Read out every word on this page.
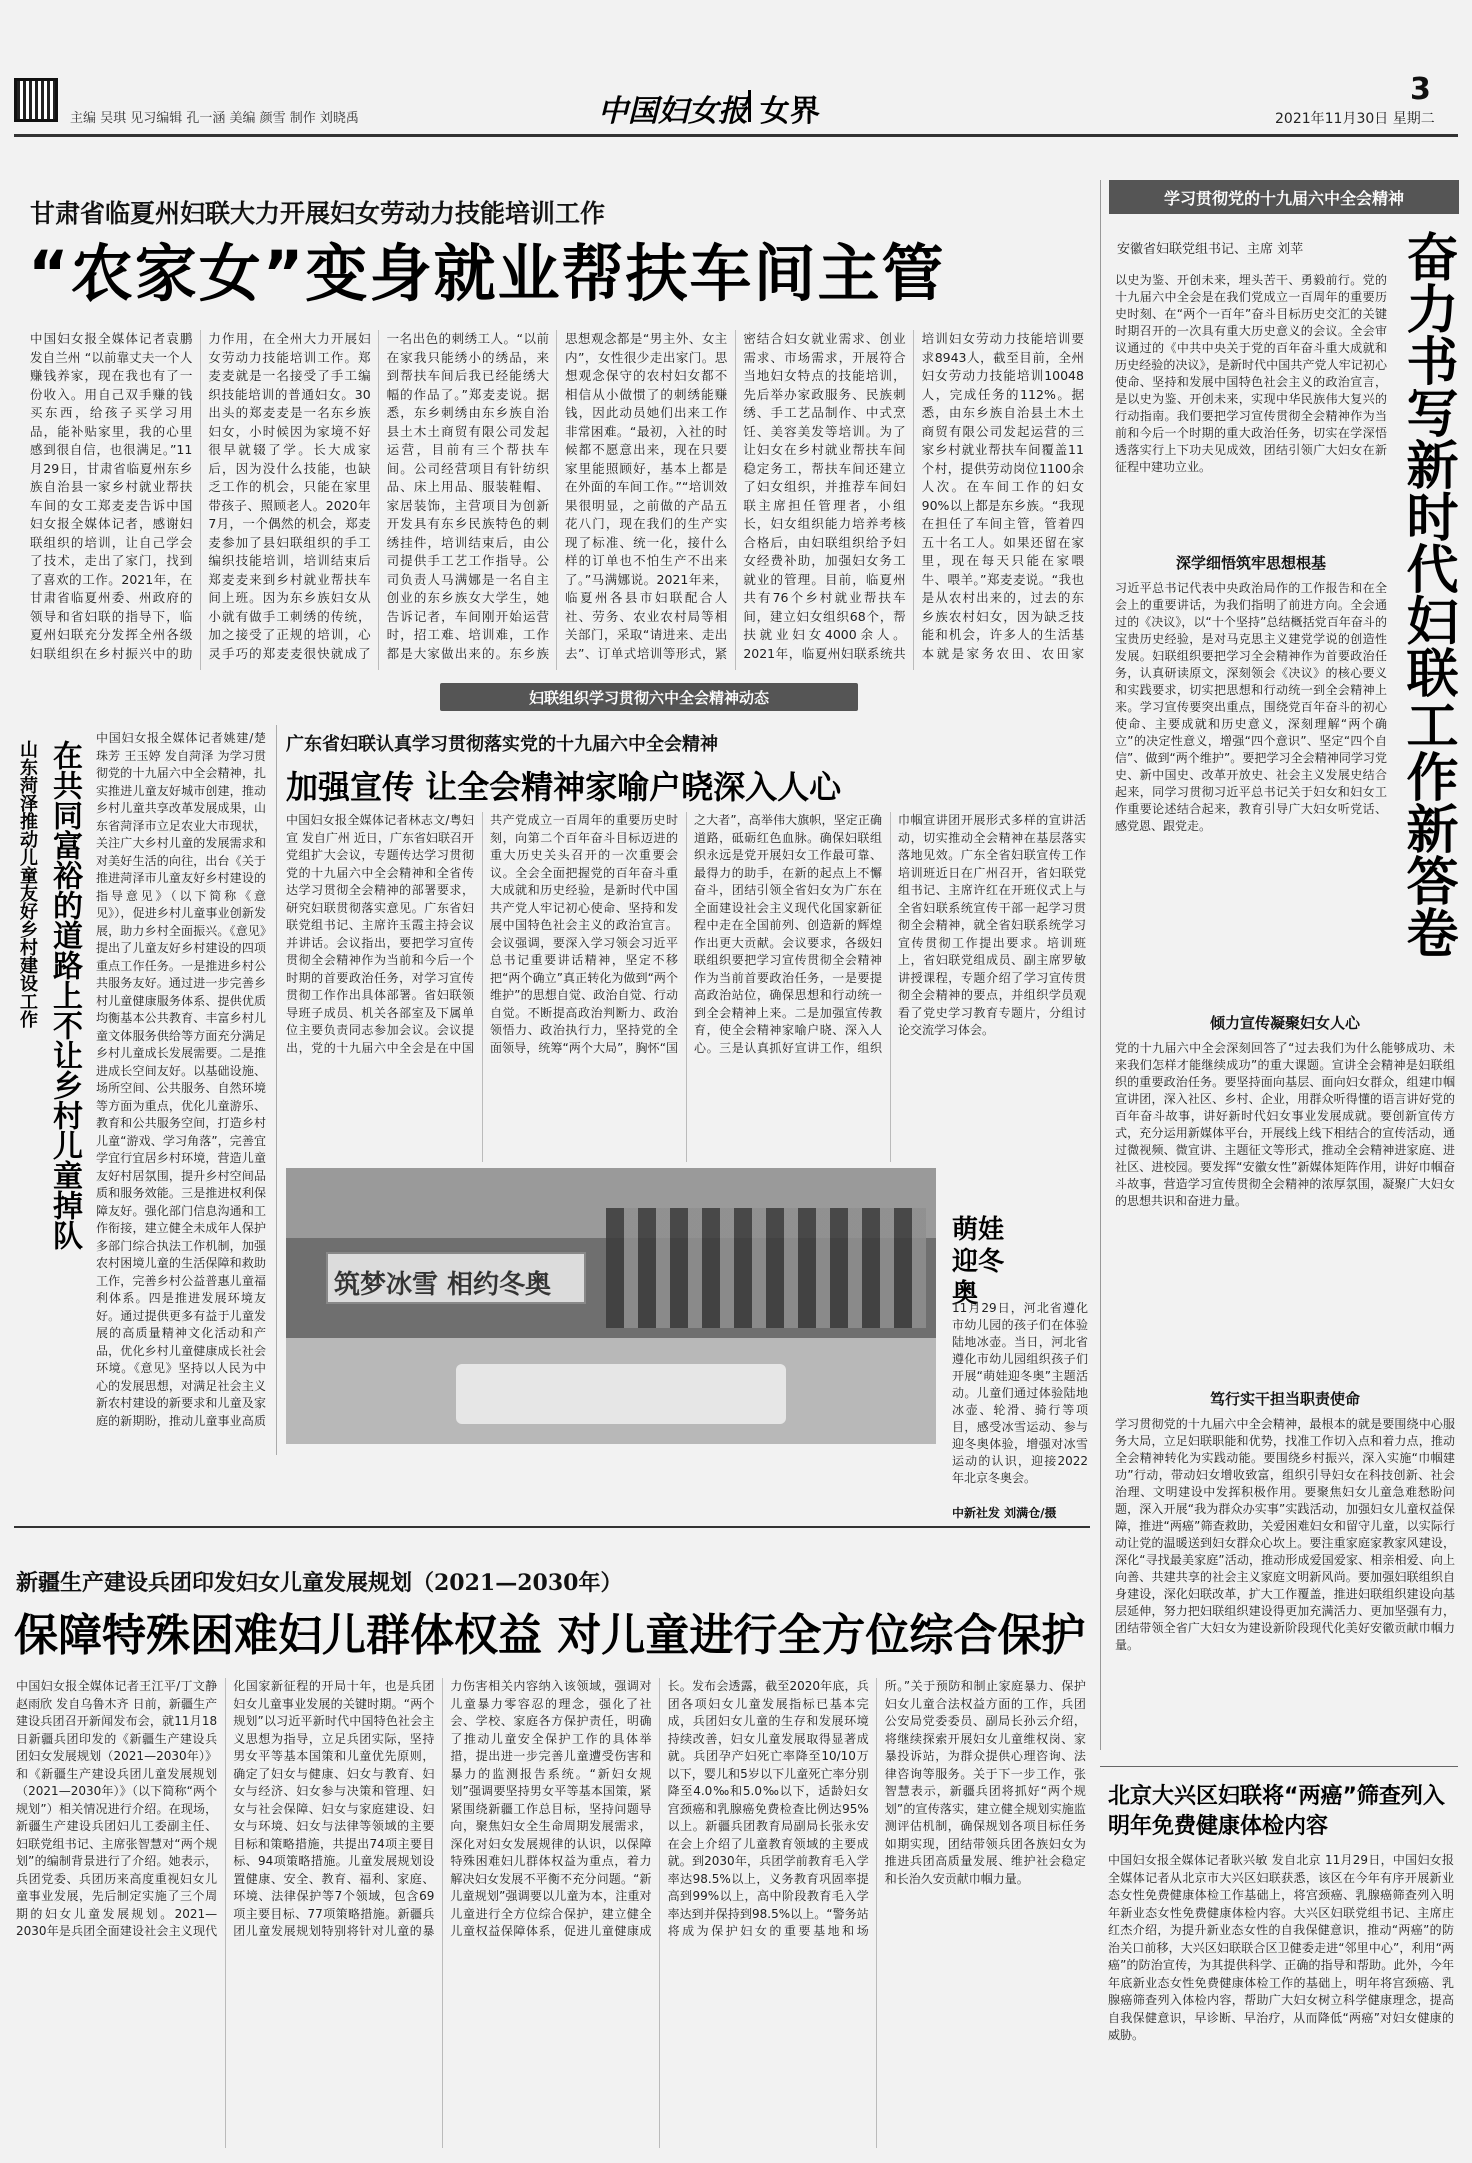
主编 吴琪 见习编辑 孔一涵 美编 颜雪 制作 刘晓禹	中国妇女报 女界
3
2021年11月30日 星期二
甘肃省临夏州妇联大力开展妇女劳动力技能培训工作
“农家女”变身就业帮扶车间主管
中国妇女报全媒体记者袁鹏 发自兰州 “以前靠丈夫一个人赚钱养家，现在我也有了一份收入。用自己双手赚的钱买东西，给孩子买学习用品，能补贴家里，我的心里感到很自信，也很满足。”11月29日，甘肃省临夏州东乡族自治县一家乡村就业帮扶车间的女工郑麦麦告诉中国妇女报全媒体记者，感谢妇联组织的培训，让自己学会了技术，走出了家门，找到了喜欢的工作。2021年，在甘肃省临夏州委、州政府的领导和省妇联的指导下，临夏州妇联充分发挥全州各级妇联组织在乡村振兴中的助力作用，在全州大力开展妇女劳动力技能培训工作。郑麦麦就是一名接受了手工编织技能培训的普通妇女。30出头的郑麦麦是一名东乡族妇女，小时候因为家境不好很早就辍了学。长大成家后，因为没什么技能，也缺乏工作的机会，只能在家里带孩子、照顾老人。2020年7月，一个偶然的机会，郑麦麦参加了县妇联组织的手工编织技能培训，培训结束后郑麦麦来到乡村就业帮扶车间上班。因为东乡族妇女从小就有做手工刺绣的传统，加之接受了正规的培训，心灵手巧的郑麦麦很快就成了一名出色的刺绣工人。“以前在家我只能绣小的绣品，来到帮扶车间后我已经能绣大幅的作品了。”郑麦麦说。据悉，东乡刺绣由东乡族自治县土木土商贸有限公司发起运营，目前有三个帮扶车间。公司经营项目有针纺织品、床上用品、服装鞋帽、家居装饰，主营项目为创新开发具有东乡民族特色的刺绣挂件，培训结束后，由公司提供手工艺工作指导。公司负责人马满娜是一名自主创业的东乡族女大学生，她告诉记者，车间刚开始运营时，招工难、培训难，工作都是大家做出来的。东乡族思想观念都是“男主外、女主内”，女性很少走出家门。思想观念保守的农村妇女都不相信从小做惯了的刺绣能赚钱，因此动员她们出来工作非常困难。“最初，入社的时候都不愿意出来，现在只要家里能照顾好，基本上都是在外面的车间工作。”“培训效果很明显，之前做的产品五花八门，现在我们的生产实现了标准、统一化，接什么样的订单也不怕生产不出来了。”马满娜说。2021年来，临夏州各县市妇联配合人社、劳务、农业农村局等相关部门，采取“请进来、走出去”、订单式培训等形式，紧密结合妇女就业需求、创业需求、市场需求，开展符合当地妇女特点的技能培训，先后举办家政服务、民族刺绣、手工艺品制作、中式烹饪、美容美发等培训。为了让妇女在乡村就业帮扶车间稳定务工，帮扶车间还建立了妇女组织，并推荐车间妇联主席担任管理者，小组长，妇女组织能力培养考核合格后，由妇联组织给予妇女经费补助，加强妇女务工就业的管理。目前，临夏州共有76个乡村就业帮扶车间，建立妇女组织68个，帮扶就业妇女4000余人。2021年，临夏州妇联系统共培训妇女劳动力技能培训要求8943人，截至目前，全州妇女劳动力技能培训10048人，完成任务的112%。据悉，由东乡族自治县土木土商贸有限公司发起运营的三家乡村就业帮扶车间覆盖11个村，提供劳动岗位1100余人次。在车间工作的妇女90%以上都是东乡族。“我现在担任了车间主管，管着四五十名工人。如果还留在家里，现在每天只能在家喂牛、喂羊。”郑麦麦说。“我也是从农村出来的，过去的东乡族农村妇女，因为缺乏技能和机会，许多人的生活基本就是家务农田、农田家
学习贯彻党的十九届六中全会精神
安徽省妇联党组书记、主席 刘苹 奋力书写新时代妇联工作新答卷
以史为鉴、开创未来，埋头苦干、勇毅前行。党的十九届六中全会是在我们党成立一百周年的重要历史时刻、在“两个一百年”奋斗目标历史交汇的关键时期召开的一次具有重大历史意义的会议。全会审议通过的《中共中央关于党的百年奋斗重大成就和历史经验的决议》，是新时代中国共产党人牢记初心使命、坚持和发展中国特色社会主义的政治宣言，是以史为鉴、开创未来，实现中华民族伟大复兴的行动指南。我们要把学习宣传贯彻全会精神作为当前和今后一个时期的重大政治任务，切实在学深悟透落实行上下功夫见成效，团结引领广大妇女在新征程中建功立业。
深学细悟筑牢思想根基
习近平总书记代表中央政治局作的工作报告和在全会上的重要讲话，为我们指明了前进方向。全会通过的《决议》，以“十个坚持”总结概括党百年奋斗的宝贵历史经验，是对马克思主义建党学说的创造性发展。妇联组织要把学习全会精神作为首要政治任务，认真研读原文，深刻领会《决议》的核心要义和实践要求，切实把思想和行动统一到全会精神上来。学习宣传要突出重点，围绕党百年奋斗的初心使命、主要成就和历史意义，深刻理解“两个确立”的决定性意义，增强“四个意识”、坚定“四个自信”、做到“两个维护”。要把学习全会精神同学习党史、新中国史、改革开放史、社会主义发展史结合起来，同学习贯彻习近平总书记关于妇女和妇女工作重要论述结合起来，教育引导广大妇女听党话、感党恩、跟党走。
倾力宣传凝聚妇女人心
党的十九届六中全会深刻回答了“过去我们为什么能够成功、未来我们怎样才能继续成功”的重大课题。宣讲全会精神是妇联组织的重要政治任务。要坚持面向基层、面向妇女群众，组建巾帼宣讲团，深入社区、乡村、企业，用群众听得懂的语言讲好党的百年奋斗故事，讲好新时代妇女事业发展成就。要创新宣传方式，充分运用新媒体平台，开展线上线下相结合的宣传活动，通过微视频、微宣讲、主题征文等形式，推动全会精神进家庭、进社区、进校园。要发挥“安徽女性”新媒体矩阵作用，讲好巾帼奋斗故事，营造学习宣传贯彻全会精神的浓厚氛围，凝聚广大妇女的思想共识和奋进力量。
笃行实干担当职责使命
学习贯彻党的十九届六中全会精神，最根本的就是要围绕中心服务大局，立足妇联职能和优势，找准工作切入点和着力点，推动全会精神转化为实践动能。要围绕乡村振兴，深入实施“巾帼建功”行动，带动妇女增收致富，组织引导妇女在科技创新、社会治理、文明建设中发挥积极作用。要聚焦妇女儿童急难愁盼问题，深入开展“我为群众办实事”实践活动，加强妇女儿童权益保障，推进“两癌”筛查救助，关爱困难妇女和留守儿童，以实际行动让党的温暖送到妇女群众心坎上。要注重家庭家教家风建设，深化“寻找最美家庭”活动，推动形成爱国爱家、相亲相爱、向上向善、共建共享的社会主义家庭文明新风尚。要加强妇联组织自身建设，深化妇联改革，扩大工作覆盖，推进妇联组织建设向基层延伸，努力把妇联组织建设得更加充满活力、更加坚强有力，团结带领全省广大妇女为建设新阶段现代化美好安徽贡献巾帼力量。
妇联组织学习贯彻六中全会精神动态
山东菏泽推动儿童友好乡村建设工作 在共同富裕的道路上不让乡村儿童掉队
中国妇女报全媒体记者姚建/楚珠芳 王玉婷 发自菏泽 为学习贯彻党的十九届六中全会精神，扎实推进儿童友好城市创建，推动乡村儿童共享改革发展成果，山东省菏泽市立足农业大市现状，关注广大乡村儿童的发展需求和对美好生活的向往，出台《关于推进菏泽市儿童友好乡村建设的指导意见》（以下简称《意见》），促进乡村儿童事业创新发展，助力乡村全面振兴。《意见》提出了儿童友好乡村建设的四项重点工作任务。一是推进乡村公共服务友好。通过进一步完善乡村儿童健康服务体系、提供优质均衡基本公共教育、丰富乡村儿童文体服务供给等方面充分满足乡村儿童成长发展需要。二是推进成长空间友好。以基础设施、场所空间、公共服务、自然环境等方面为重点，优化儿童游乐、教育和公共服务空间，打造乡村儿童“游戏、学习角落”，完善宜学宜行宜居乡村环境，营造儿童友好村居氛围，提升乡村空间品质和服务效能。三是推进权利保障友好。强化部门信息沟通和工作衔接，建立健全未成年人保护多部门综合执法工作机制，加强农村困境儿童的生活保障和救助工作，完善乡村公益普惠儿童福利体系。四是推进发展环境友好。通过提供更多有益于儿童发展的高质量精神文化活动和产品，优化乡村儿童健康成长社会环境。《意见》坚持以人民为中心的发展思想，对满足社会主义新农村建设的新要求和儿童及家庭的新期盼，推动儿童事业高质
广东省妇联认真学习贯彻落实党的十九届六中全会精神
加强宣传 让全会精神家喻户晓深入人心
中国妇女报全媒体记者林志文/粤妇宣 发自广州 近日，广东省妇联召开党组扩大会议，专题传达学习贯彻党的十九届六中全会精神和全省传达学习贯彻全会精神的部署要求，研究妇联贯彻落实意见。广东省妇联党组书记、主席许玉霞主持会议并讲话。会议指出，要把学习宣传贯彻全会精神作为当前和今后一个时期的首要政治任务，对学习宣传贯彻工作作出具体部署。省妇联领导班子成员、机关各部室及下属单位主要负责同志参加会议。会议提出，党的十九届六中全会是在中国共产党成立一百周年的重要历史时刻，向第二个百年奋斗目标迈进的重大历史关头召开的一次重要会议。全会全面把握党的百年奋斗重大成就和历史经验，是新时代中国共产党人牢记初心使命、坚持和发展中国特色社会主义的政治宣言。会议强调，要深入学习领会习近平总书记重要讲话精神，坚定不移把“两个确立”真正转化为做到“两个维护”的思想自觉、政治自觉、行动自觉。不断提高政治判断力、政治领悟力、政治执行力，坚持党的全面领导，统筹“两个大局”，胸怀“国之大者”，高举伟大旗帜，坚定正确道路，砥砺红色血脉。确保妇联组织永远是党开展妇女工作最可靠、最得力的助手，在新的起点上不懈奋斗，团结引领全省妇女为广东在全面建设社会主义现代化国家新征程中走在全国前列、创造新的辉煌作出更大贡献。会议要求，各级妇联组织要把学习宣传贯彻全会精神作为当前首要政治任务，一是要提高政治站位，确保思想和行动统一到全会精神上来。二是加强宣传教育，使全会精神家喻户晓、深入人心。三是认真抓好宣讲工作，组织巾帼宣讲团开展形式多样的宣讲活动，切实推动全会精神在基层落实落地见效。广东全省妇联宣传工作培训班近日在广州召开，省妇联党组书记、主席许红在开班仪式上与全省妇联系统宣传干部一起学习贯彻全会精神，就全省妇联系统学习宣传贯彻工作提出要求。培训班上，省妇联党组成员、副主席罗敏讲授课程，专题介绍了学习宣传贯彻全会精神的要点，并组织学员观看了党史学习教育专题片，分组讨论交流学习体会。
筑梦冰雪 相约冬奥
萌娃迎冬奥
11月29日，河北省遵化市幼儿园的孩子们在体验陆地冰壶。当日，河北省遵化市幼儿园组织孩子们开展“萌娃迎冬奥”主题活动。儿童们通过体验陆地冰壶、轮滑、骑行等项目，感受冰雪运动、参与迎冬奥体验，增强对冰雪运动的认识，迎接2022年北京冬奥会。
中新社发 刘满仓/摄
新疆生产建设兵团印发妇女儿童发展规划（2021—2030年）
保障特殊困难妇儿群体权益 对儿童进行全方位综合保护
中国妇女报全媒体记者王江平/丁文静 赵雨欣 发自乌鲁木齐 日前，新疆生产建设兵团召开新闻发布会，就11月18日新疆兵团印发的《新疆生产建设兵团妇女发展规划（2021—2030年）》和《新疆生产建设兵团儿童发展规划（2021—2030年）》（以下简称“两个规划”）相关情况进行介绍。在现场，新疆生产建设兵团妇儿工委副主任、妇联党组书记、主席张智慧对“两个规划”的编制背景进行了介绍。她表示，兵团党委、兵团历来高度重视妇女儿童事业发展，先后制定实施了三个周期的妇女儿童发展规划。2021—2030年是兵团全面建设社会主义现代化国家新征程的开局十年，也是兵团妇女儿童事业发展的关键时期。“两个规划”以习近平新时代中国特色社会主义思想为指导，立足兵团实际，坚持男女平等基本国策和儿童优先原则，确定了妇女与健康、妇女与教育、妇女与经济、妇女参与决策和管理、妇女与社会保障、妇女与家庭建设、妇女与环境、妇女与法律等领域的主要目标和策略措施，共提出74项主要目标、94项策略措施。儿童发展规划设置健康、安全、教育、福利、家庭、环境、法律保护等7个领域，包含69项主要目标、77项策略措施。新疆兵团儿童发展规划特别将针对儿童的暴力伤害相关内容纳入该领域，强调对儿童暴力零容忍的理念，强化了社会、学校、家庭各方保护责任，明确了推动儿童安全保护工作的具体举措，提出进一步完善儿童遭受伤害和暴力的监测报告系统。“新妇女规划”强调要坚持男女平等基本国策，紧紧围绕新疆工作总目标，坚持问题导向，聚焦妇女全生命周期发展需求，深化对妇女发展规律的认识，以保障特殊困难妇儿群体权益为重点，着力解决妇女发展不平衡不充分问题。“新儿童规划”强调要以儿童为本，注重对儿童进行全方位综合保护，建立健全儿童权益保障体系，促进儿童健康成长。发布会透露，截至2020年底，兵团各项妇女儿童发展指标已基本完成，兵团妇女儿童的生存和发展环境持续改善，妇女儿童发展取得显著成就。兵团孕产妇死亡率降至10/10万以下，婴儿和5岁以下儿童死亡率分别降至4.0‰和5.0‰以下，适龄妇女宫颈癌和乳腺癌免费检查比例达95%以上。新疆兵团教育局副局长张永安在会上介绍了儿童教育领域的主要成就。到2030年，兵团学前教育毛入学率达98.5%以上，义务教育巩固率提高到99%以上，高中阶段教育毛入学率达到并保持到98.5%以上。“警务站将成为保护妇女的重要基地和场所。”关于预防和制止家庭暴力、保护妇女儿童合法权益方面的工作，兵团公安局党委委员、副局长孙云介绍，将继续探索开展妇女儿童维权岗、家暴投诉站，为群众提供心理咨询、法律咨询等服务。关于下一步工作，张智慧表示，新疆兵团将抓好“两个规划”的宣传落实，建立健全规划实施监测评估机制，确保规划各项目标任务如期实现，团结带领兵团各族妇女为推进兵团高质量发展、维护社会稳定和长治久安贡献巾帼力量。
北京大兴区妇联将“两癌”筛查列入明年免费健康体检内容
中国妇女报全媒体记者耿兴敏 发自北京 11月29日，中国妇女报全媒体记者从北京市大兴区妇联获悉，该区在今年有序开展新业态女性免费健康体检工作基础上，将宫颈癌、乳腺癌筛查列入明年新业态女性免费健康体检内容。大兴区妇联党组书记、主席庄红杰介绍，为提升新业态女性的自我保健意识，推动“两癌”的防治关口前移，大兴区妇联联合区卫健委走进“邻里中心”，利用“两癌”的防治宣传，为其提供科学、正确的指导和帮助。此外，今年年底新业态女性免费健康体检工作的基础上，明年将宫颈癌、乳腺癌筛查列入体检内容，帮助广大妇女树立科学健康理念，提高自我保健意识，早诊断、早治疗，从而降低“两癌”对妇女健康的威胁。
